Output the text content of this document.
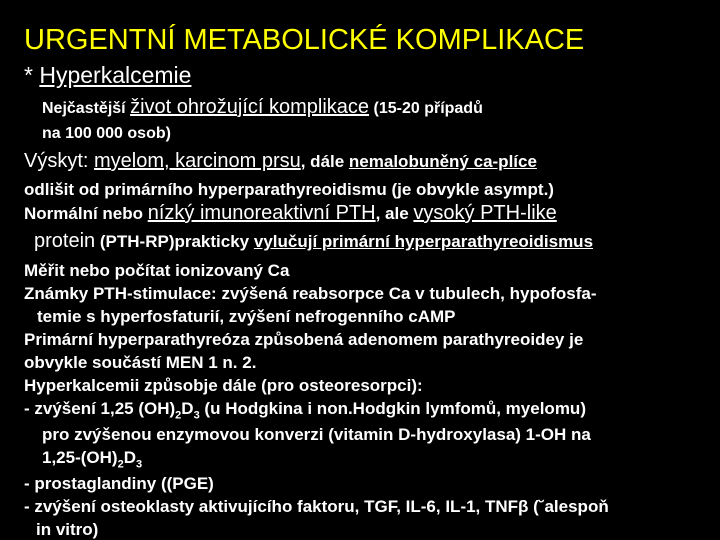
URGENTNÍ METABOLICKÉ KOMPLIKACE
* Hyperkalcemie
Nejčastější život ohrožující komplikace (15-20 případů
na 100 000 osob)
Výskyt: myelom, karcinom prsu, dále nemalobuněný ca-plíce
odlišit od primárního hyperparathyreoidismu (je obvykle asympt.)
Normální nebo nízký imunoreaktivní PTH, ale vysoký PTH-like
protein (PTH-RP)prakticky vylučují primární hyperparathyreoidismus
Měřit nebo počítat ionizovaný Ca
Známky PTH-stimulace: zvýšená reabsorpce Ca v tubulech, hypofosfa-
temie s hyperfosfaturií, zvýšení nefrogenního cAMP
Primární hyperparathyreóza způsobená adenomem parathyreoidey je
obvykle součástí MEN 1 n. 2.
Hyperkalcemii způsobje dále (pro osteoresorpci):
- zvýšení 1,25 $(OH)_2D_3$ (u Hodgkina i non.Hodgkin lymfomů, myelomu)
pro zvýšenou enzymovou konverzi (vitamin D-hydroxylasa) 1-OH na
$1,25-(OH)_2D_3$
- prostaglandiny ((PGE)
- zvýšení osteoklasty aktivujícího faktoru, TGF, IL-6, IL-1, TNFβ (˘alespoň
in vitro)
